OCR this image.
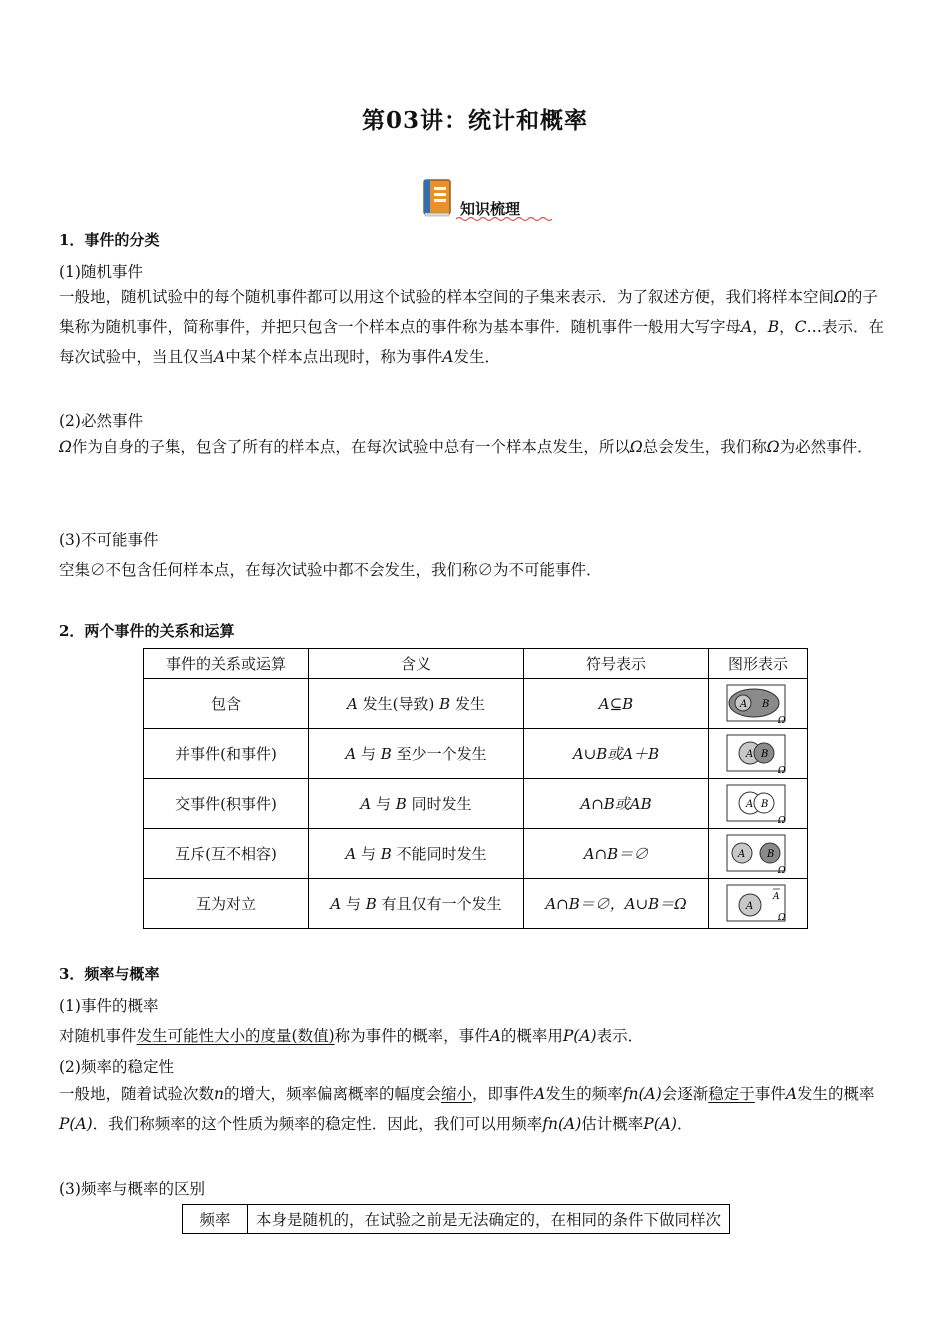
第03讲：统计和概率
知识梳理
1．事件的分类
(1)随机事件
一般地，随机试验中的每个随机事件都可以用这个试验的样本空间的子集来表示．为了叙述方便，我们将样本空间Ω的子集称为随机事件，简称事件，并把只包含一个样本点的事件称为基本事件．随机事件一般用大写字母A，B，C…表示．在每次试验中，当且仅当A中某个样本点出现时，称为事件A发生．
(2)必然事件
Ω作为自身的子集，包含了所有的样本点，在每次试验中总有一个样本点发生，所以Ω总会发生，我们称Ω为必然事件．
(3)不可能事件
空集∅不包含任何样本点，在每次试验中都不会发生，我们称∅为不可能事件．
2．两个事件的关系和运算
事件的关系或运算	含义	符号表示	图形表示
包含	A 发生(导致) B 发生	A⊆B	A B
Ω

并事件(和事件)	A 与 B 至少一个发生	A∪B或A＋B	A B
Ω

交事件(积事件)	A 与 B 同时发生	A∩B或AB	A B
Ω

互斥(互不相容)	A 与 B 不能同时发生	A∩B＝∅	A B
Ω

互为对立	A 与 B 有且仅有一个发生	A∩B＝∅，A∪B＝Ω	A
A
Ω
3．频率与概率
(1)事件的概率
对随机事件发生可能性大小的度量(数值)称为事件的概率，事件A的概率用P(A)表示．
(2)频率的稳定性
一般地，随着试验次数n的增大，频率偏离概率的幅度会缩小，即事件A发生的频率fn(A)会逐渐稳定于事件A发生的概率P(A)．我们称频率的这个性质为频率的稳定性．因此，我们可以用频率fn(A)估计概率P(A)．
(3)频率与概率的区别
频率	本身是随机的，在试验之前是无法确定的，在相同的条件下做同样次
